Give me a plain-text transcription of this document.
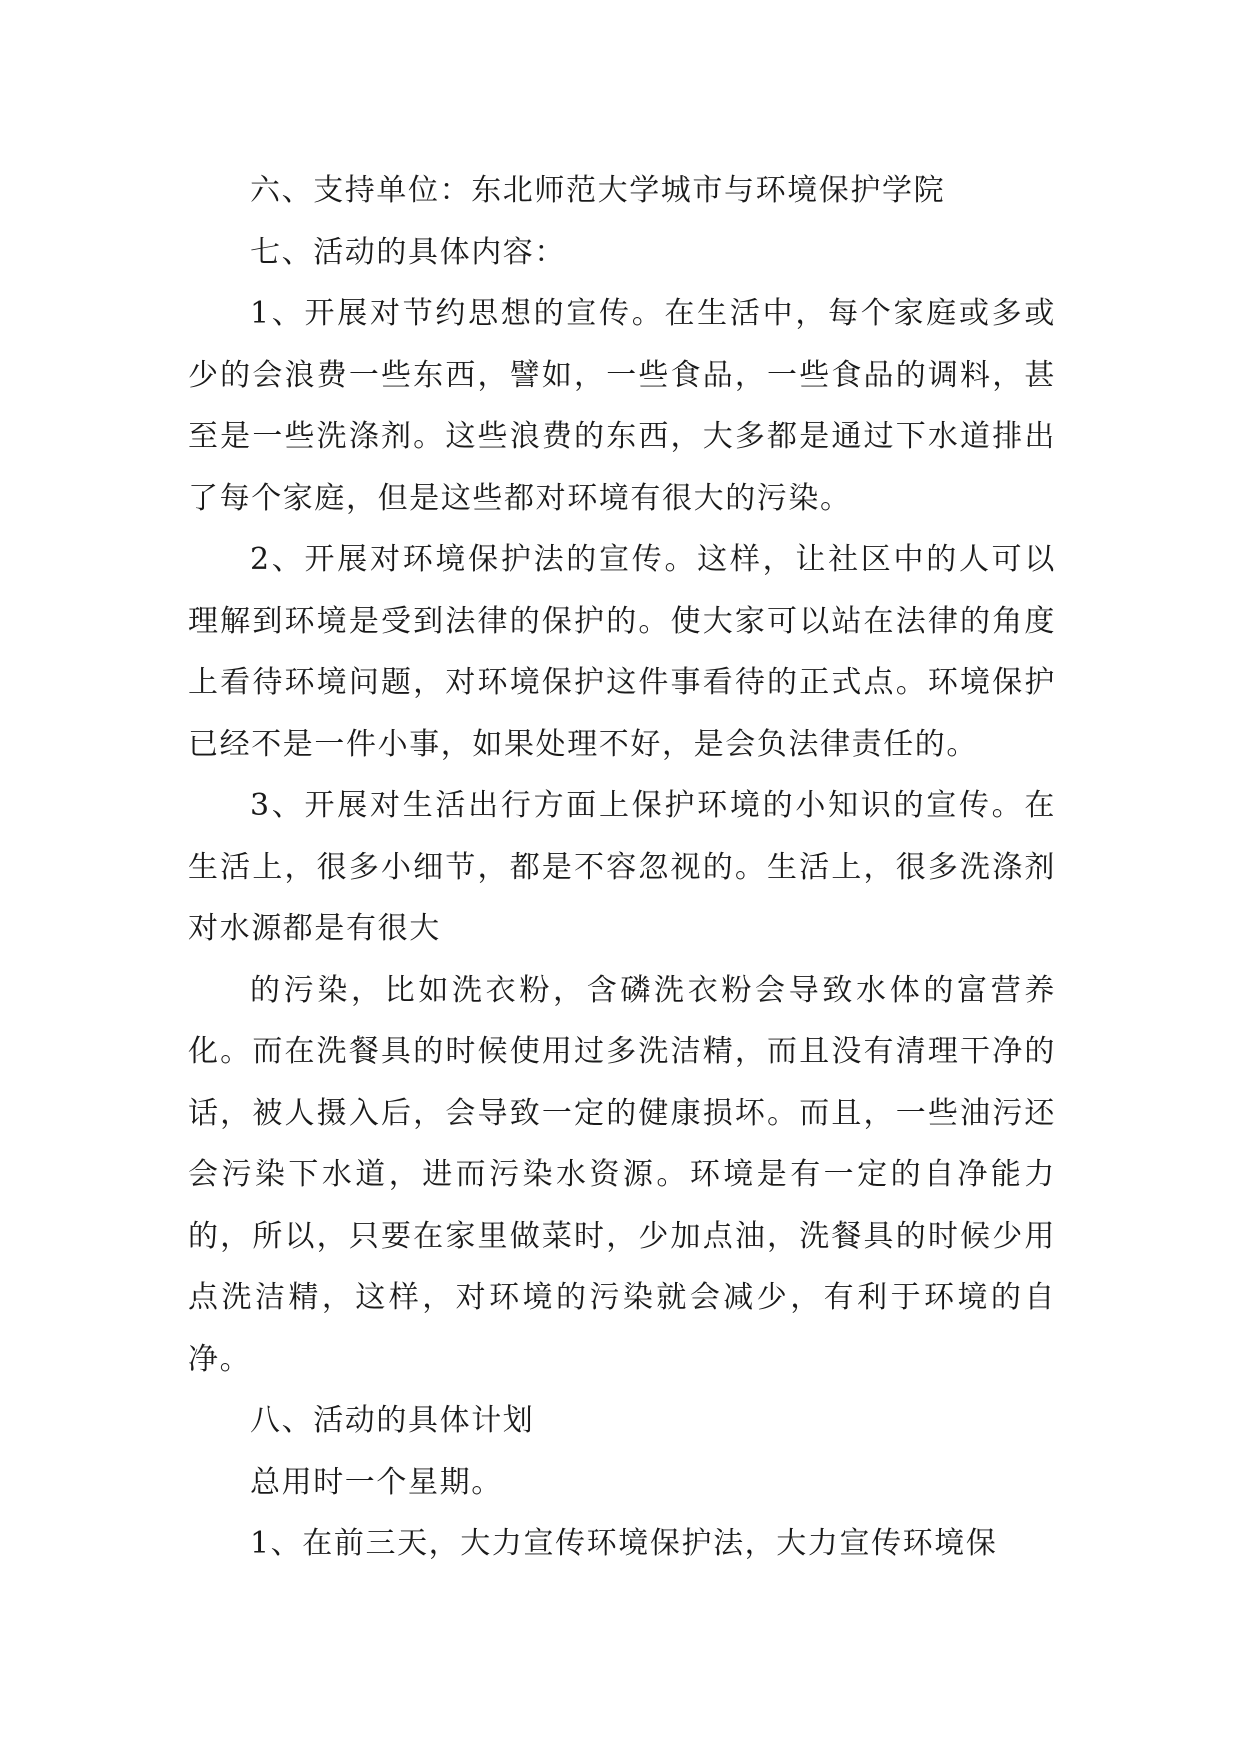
六、支持单位：东北师范大学城市与环境保护学院

七、活动的具体内容：

1、开展对节约思想的宣传。在生活中，每个家庭或多或少的会浪费一些东西，譬如，一些食品，一些食品的调料，甚至是一些洗涤剂。这些浪费的东西，大多都是通过下水道排出了每个家庭，但是这些都对环境有很大的污染。

2、开展对环境保护法的宣传。这样，让社区中的人可以理解到环境是受到法律的保护的。使大家可以站在法律的角度上看待环境问题，对环境保护这件事看待的正式点。环境保护已经不是一件小事，如果处理不好，是会负法律责任的。

3、开展对生活出行方面上保护环境的小知识的宣传。在生活上，很多小细节，都是不容忽视的。生活上，很多洗涤剂对水源都是有很大

的污染，比如洗衣粉，含磷洗衣粉会导致水体的富营养化。而在洗餐具的时候使用过多洗洁精，而且没有清理干净的话，被人摄入后，会导致一定的健康损坏。而且，一些油污还会污染下水道，进而污染水资源。环境是有一定的自净能力的，所以，只要在家里做菜时，少加点油，洗餐具的时候少用点洗洁精，这样，对环境的污染就会减少，有利于环境的自净。

八、活动的具体计划

总用时一个星期。

1、在前三天，大力宣传环境保护法，大力宣传环境保
